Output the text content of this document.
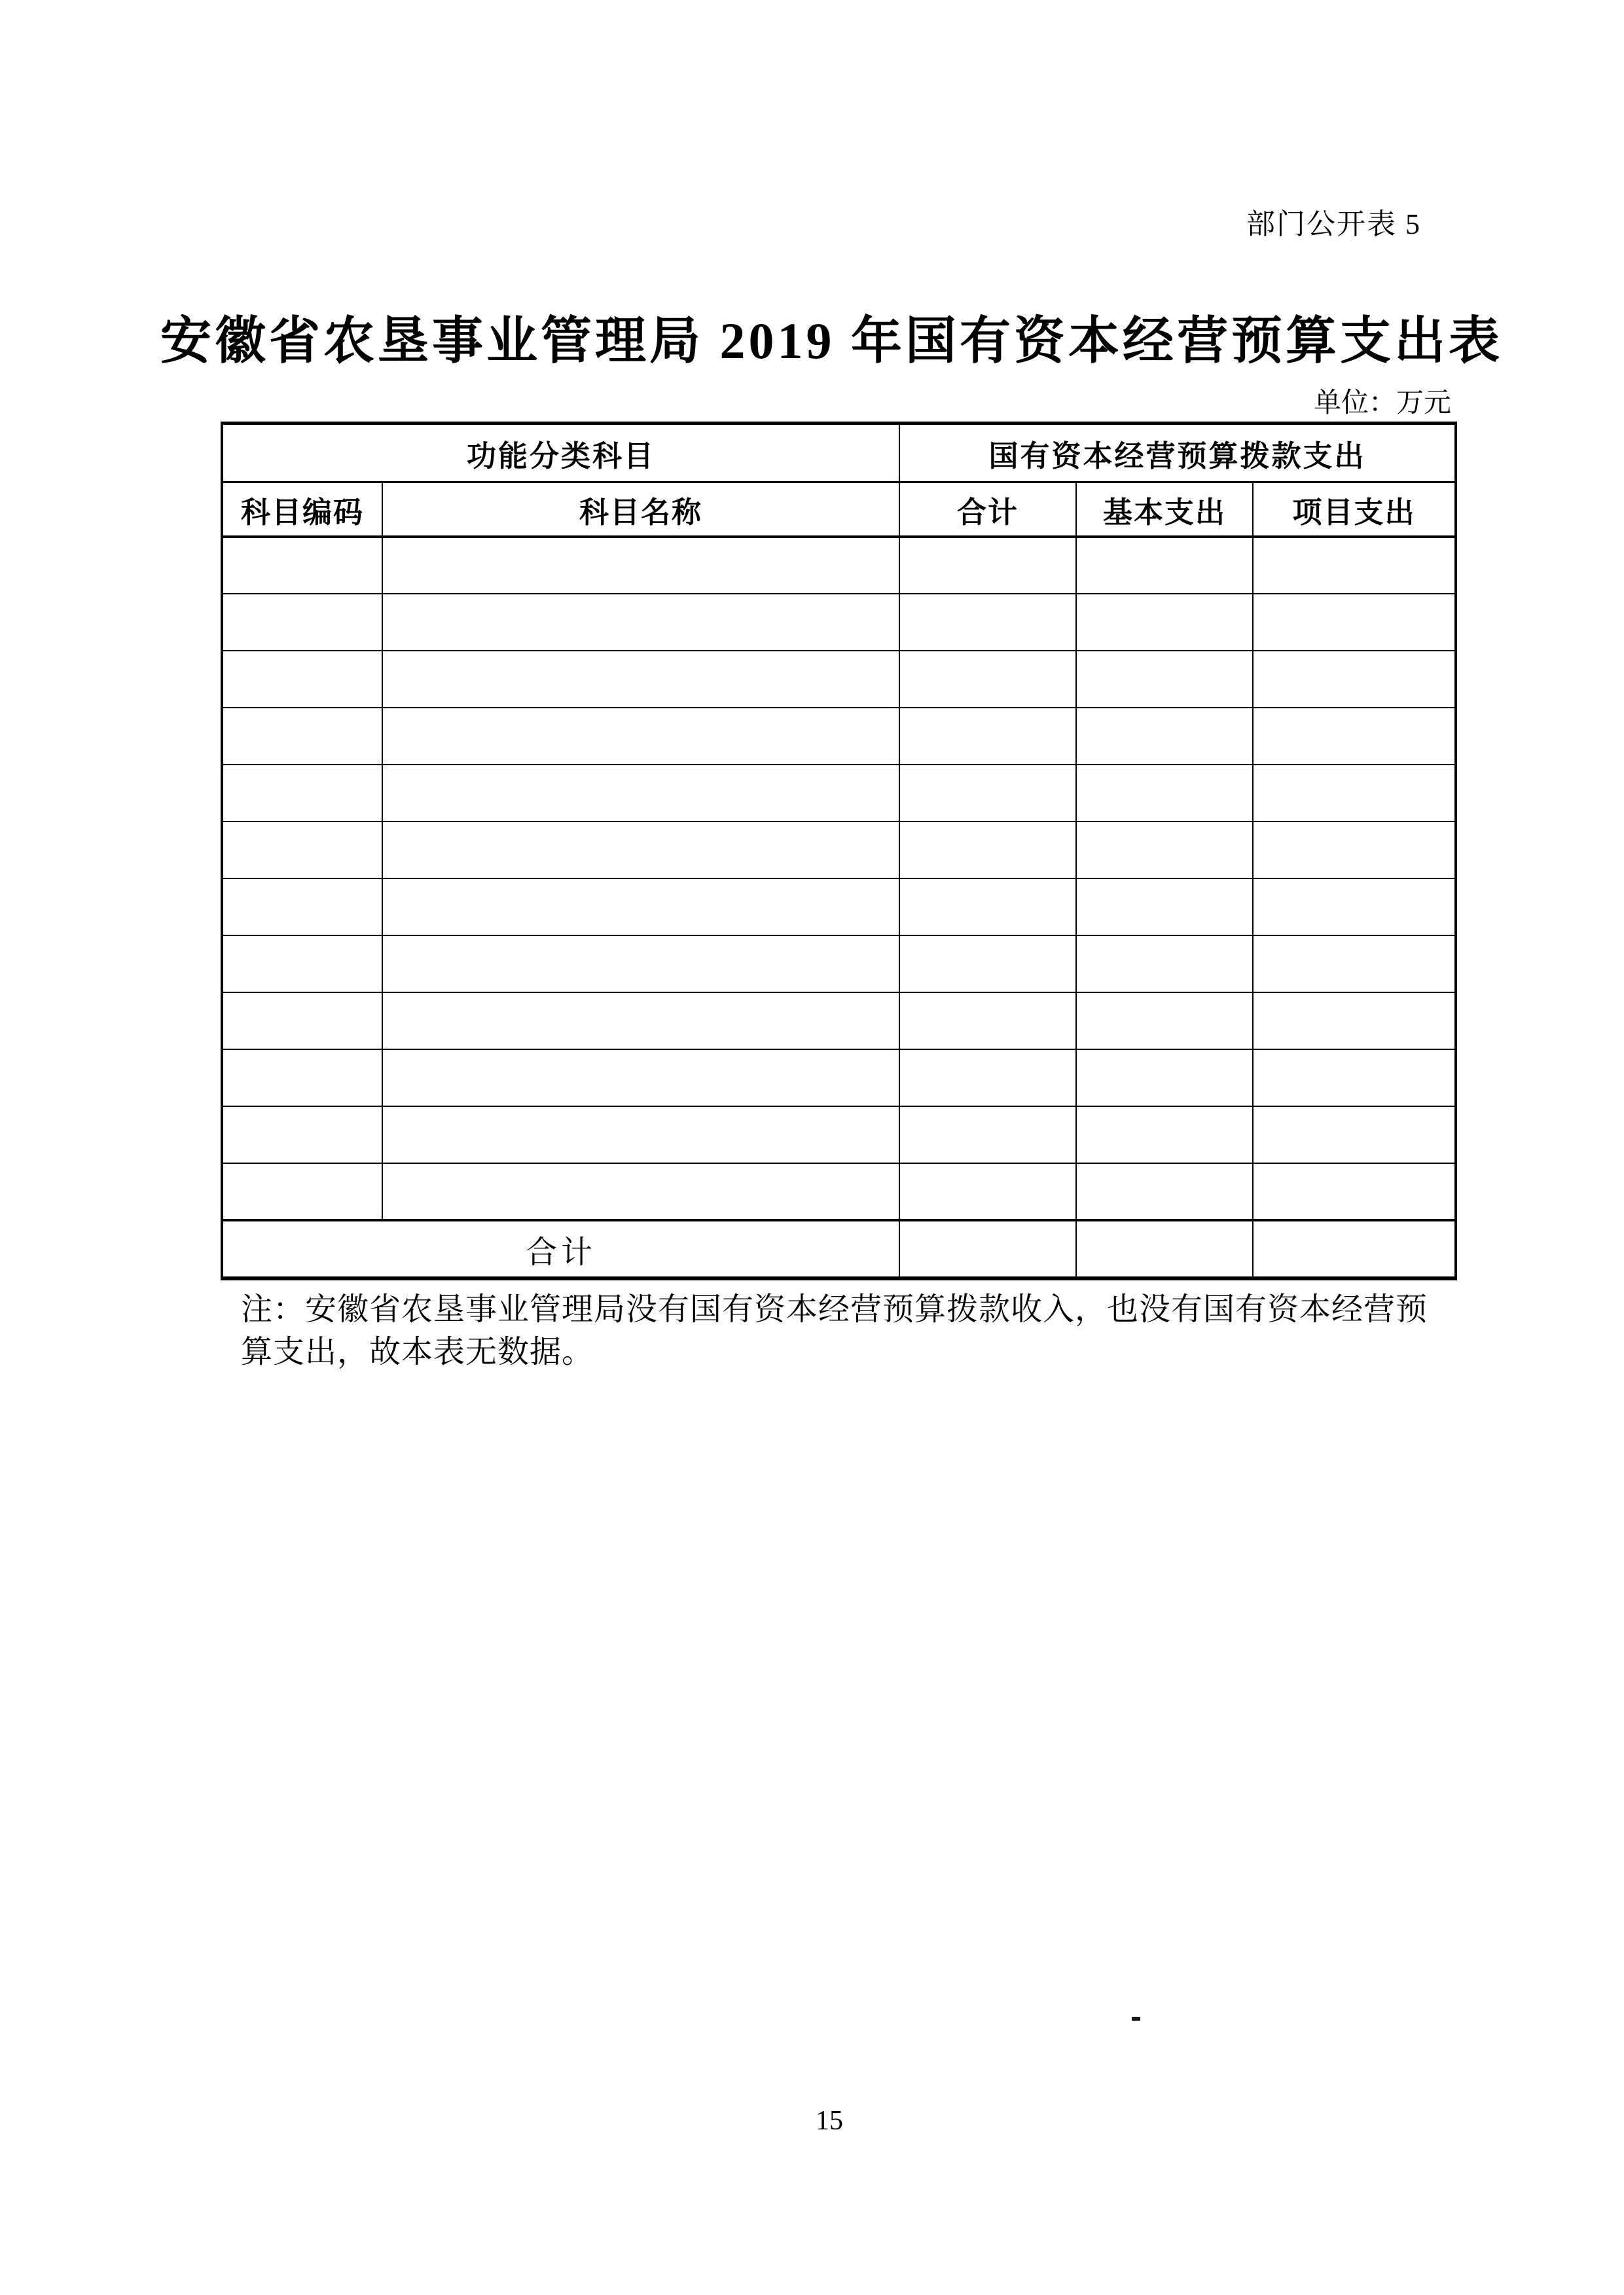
部门公开表 5
安徽省农垦事业管理局 2019 年国有资本经营预算支出表
单位：万元
功能分类科目		国有资本经营预算拨款支出		
科目编码	科目名称	合计	基本支出	项目支出

合计				
注：安徽省农垦事业管理局没有国有资本经营预算拨款收入，也没有国有资本经营预
算支出，故本表无数据。
15
